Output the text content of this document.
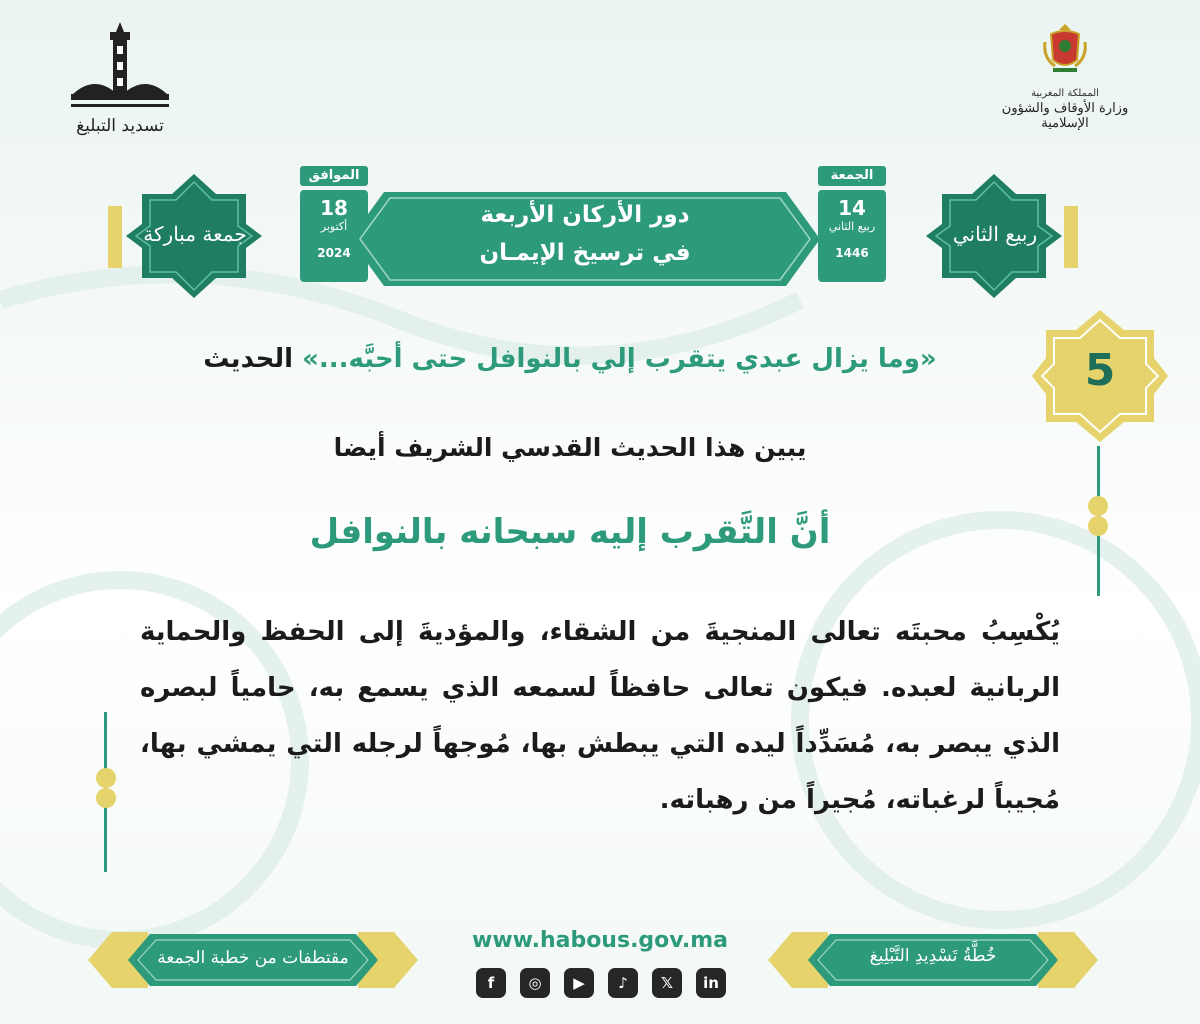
تسديد التبليغ
المملكة المغربية
وزارة الأوقاف والشؤون الإسلامية
جمعة مباركة	ربيع الثاني
الموافق
18
أكتوبر
2024
الجمعة
14
ربيع الثاني
1446
دور الأركان الأربعة
في ترسيخ الإيمـان
5
«وما يزال عبدي يتقرب إلي بالنوافل حتى أحبَّه...» الحديث
يبين هذا الحديث القدسي الشريف أيضا
أنَّ التَّقرب إليه سبحانه بالنوافل
يُكْسِبُ محبتَه تعالى المنجيةَ من الشقاء، والمؤديةَ إلى الحفظ والحماية الربانية لعبده. فيكون تعالى حافظاً لسمعه الذي يسمع به، حامياً لبصره الذي يبصر به، مُسَدِّداً ليده التي يبطش بها، مُوجهاً لرجله التي يمشي بها، مُجيباً لرغباته، مُجيراً من رهباته.
مقتطفات من خطبة الجمعة	خُطَّةُ تَسْدِيدِ التَّبْلِيغ
www.habous.gov.ma
f	◎	▶	♪	𝕏	in
